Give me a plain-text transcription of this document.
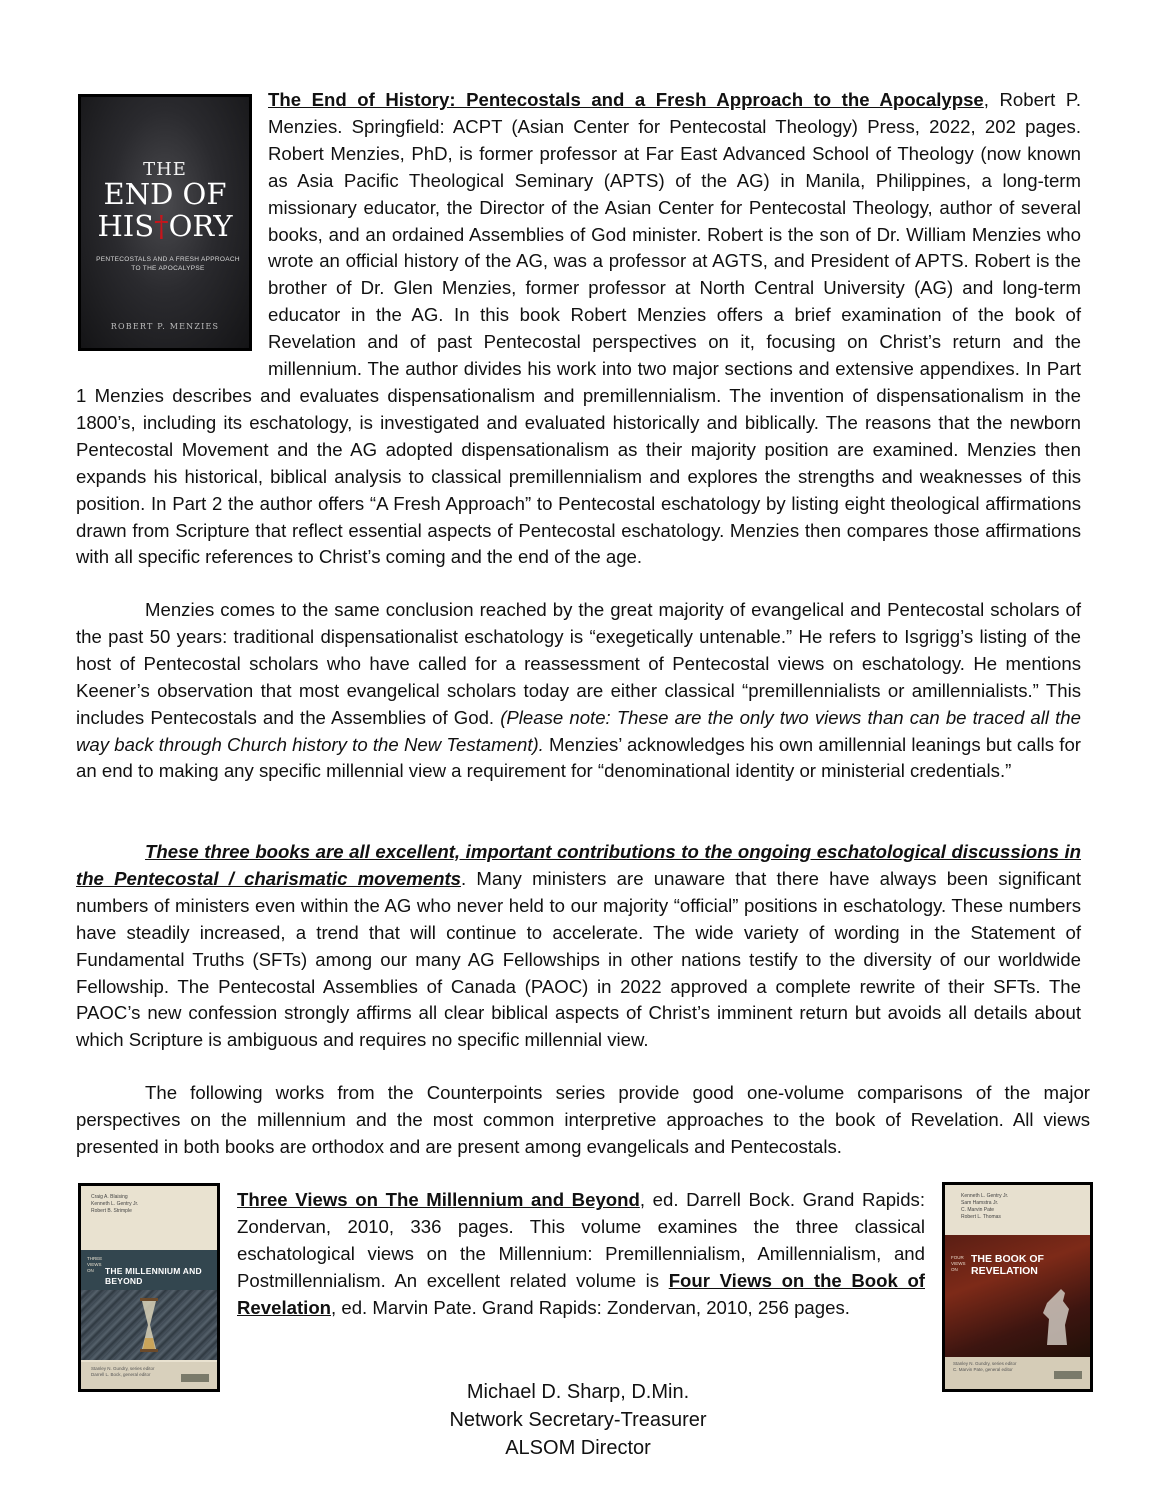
THE
END OF
HIS†ORY
PENTECOSTALS AND A FRESH APPROACH TO THE APOCALYPSE
ROBERT P. MENZIES

The End of History: Pentecostals and a Fresh Approach to the Apocalypse, Robert P. Menzies. Springfield: ACPT (Asian Center for Pentecostal Theology) Press, 2022, 202 pages. Robert Menzies, PhD, is former professor at Far East Advanced School of Theology (now known as Asia Pacific Theological Seminary (APTS) of the AG) in Manila, Philippines, a long-term missionary educator, the Director of the Asian Center for Pentecostal Theology, author of several books, and an ordained Assemblies of God minister. Robert is the son of Dr. William Menzies who wrote an official history of the AG, was a professor at AGTS, and President of APTS. Robert is the brother of Dr. Glen Menzies, former professor at North Central University (AG) and long-term educator in the AG. In this book Robert Menzies offers a brief examination of the book of Revelation and of past Pentecostal perspectives on it, focusing on Christ’s return and the millennium. The author divides his work into two major sections and extensive appendixes. In Part 1 Menzies describes and evaluates dispensationalism and premillennialism. The invention of dispensationalism in the 1800’s, including its eschatology, is investigated and evaluated historically and biblically. The reasons that the newborn Pentecostal Movement and the AG adopted dispensationalism as their majority position are examined. Menzies then expands his historical, biblical analysis to classical premillennialism and explores the strengths and weaknesses of this position. In Part 2 the author offers “A Fresh Approach” to Pentecostal eschatology by listing eight theological affirmations drawn from Scripture that reflect essential aspects of Pentecostal eschatology. Menzies then compares those affirmations with all specific references to Christ’s coming and the end of the age.

Menzies comes to the same conclusion reached by the great majority of evangelical and Pentecostal scholars of the past 50 years: traditional dispensationalist eschatology is “exegetically untenable.” He refers to Isgrigg’s listing of the host of Pentecostal scholars who have called for a reassessment of Pentecostal views on eschatology. He mentions Keener’s observation that most evangelical scholars today are either classical “premillennialists or amillennialists.” This includes Pentecostals and the Assemblies of God. (Please note: These are the only two views than can be traced all the way back through Church history to the New Testament). Menzies’ acknowledges his own amillennial leanings but calls for an end to making any specific millennial view a requirement for “denominational identity or ministerial credentials.”

These three books are all excellent, important contributions to the ongoing eschatological discussions in the Pentecostal / charismatic movements. Many ministers are unaware that there have always been significant numbers of ministers even within the AG who never held to our majority “official” positions in eschatology. These numbers have steadily increased, a trend that will continue to accelerate. The wide variety of wording in the Statement of Fundamental Truths (SFTs) among our many AG Fellowships in other nations testify to the diversity of our worldwide Fellowship. The Pentecostal Assemblies of Canada (PAOC) in 2022 approved a complete rewrite of their SFTs. The PAOC’s new confession strongly affirms all clear biblical aspects of Christ’s imminent return but avoids all details about which Scripture is ambiguous and requires no specific millennial view.

The following works from the Counterpoints series provide good one-volume comparisons of the major perspectives on the millennium and the most common interpretive approaches to the book of Revelation. All views presented in both books are orthodox and are present among evangelicals and Pentecostals.

Craig A. Blaising
Kenneth L. Gentry Jr.
Robert B. Strimple
THREE VIEWS ON	THE MILLENNIUM AND BEYOND
Stanley N. Gundry, series editor
Darrell L. Bock, general editor

Three Views on The Millennium and Beyond, ed. Darrell Bock. Grand Rapids: Zondervan, 2010, 336 pages. This volume examines the three classical eschatological views on the Millennium: Premillennialism, Amillennialism, and Postmillennialism. An excellent related volume is Four Views on the Book of Revelation, ed. Marvin Pate. Grand Rapids: Zondervan, 2010, 256 pages.

Kenneth L. Gentry Jr.
Sam Hamstra Jr.
C. Marvin Pate
Robert L. Thomas
FOUR VIEWS ON
THE BOOK OF REVELATION
Stanley N. Gundry, series editor
C. Marvin Pate, general editor
Michael D. Sharp, D.Min.
Network Secretary-Treasurer
ALSOM Director
